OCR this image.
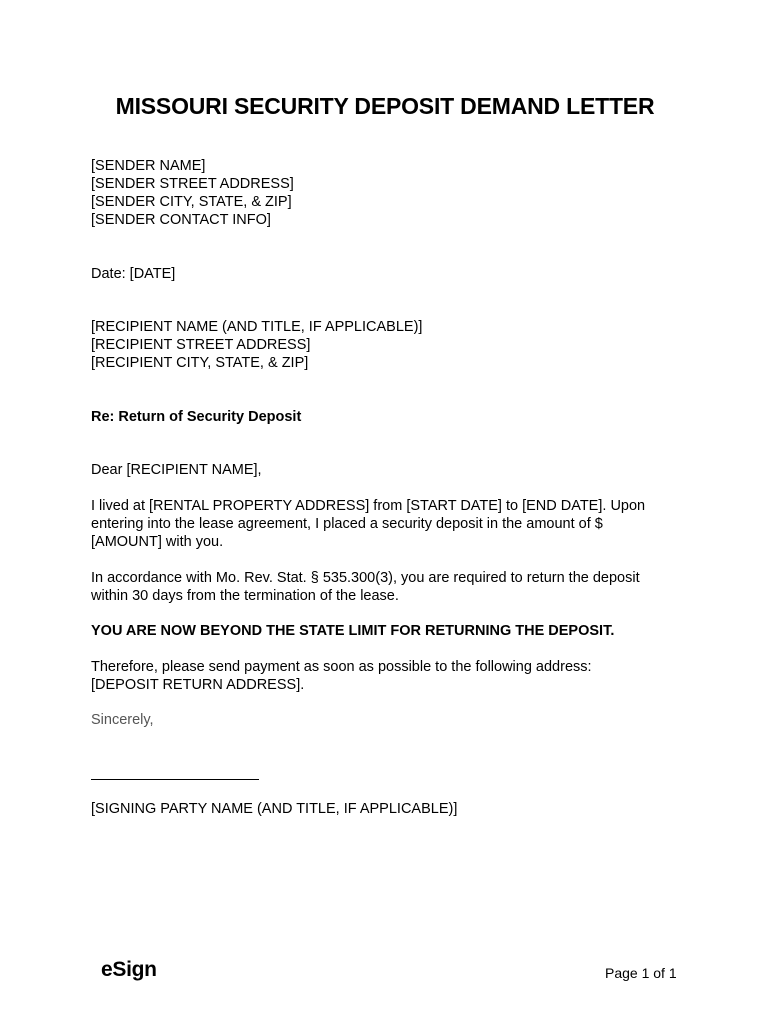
MISSOURI SECURITY DEPOSIT DEMAND LETTER
[SENDER NAME]
[SENDER STREET ADDRESS]
[SENDER CITY, STATE, & ZIP]
[SENDER CONTACT INFO]
Date: [DATE]
[RECIPIENT NAME (AND TITLE, IF APPLICABLE)]
[RECIPIENT STREET ADDRESS]
[RECIPIENT CITY, STATE, & ZIP]
Re: Return of Security Deposit
Dear [RECIPIENT NAME],
I lived at [RENTAL PROPERTY ADDRESS] from [START DATE] to [END DATE]. Upon
entering into the lease agreement, I placed a security deposit in the amount of $
[AMOUNT] with you.
In accordance with Mo. Rev. Stat. § 535.300(3), you are required to return the deposit
within 30 days from the termination of the lease.
YOU ARE NOW BEYOND THE STATE LIMIT FOR RETURNING THE DEPOSIT.
Therefore, please send payment as soon as possible to the following address:
[DEPOSIT RETURN ADDRESS].
Sincerely,
[SIGNING PARTY NAME (AND TITLE, IF APPLICABLE)]
eSign	Page 1 of 1
